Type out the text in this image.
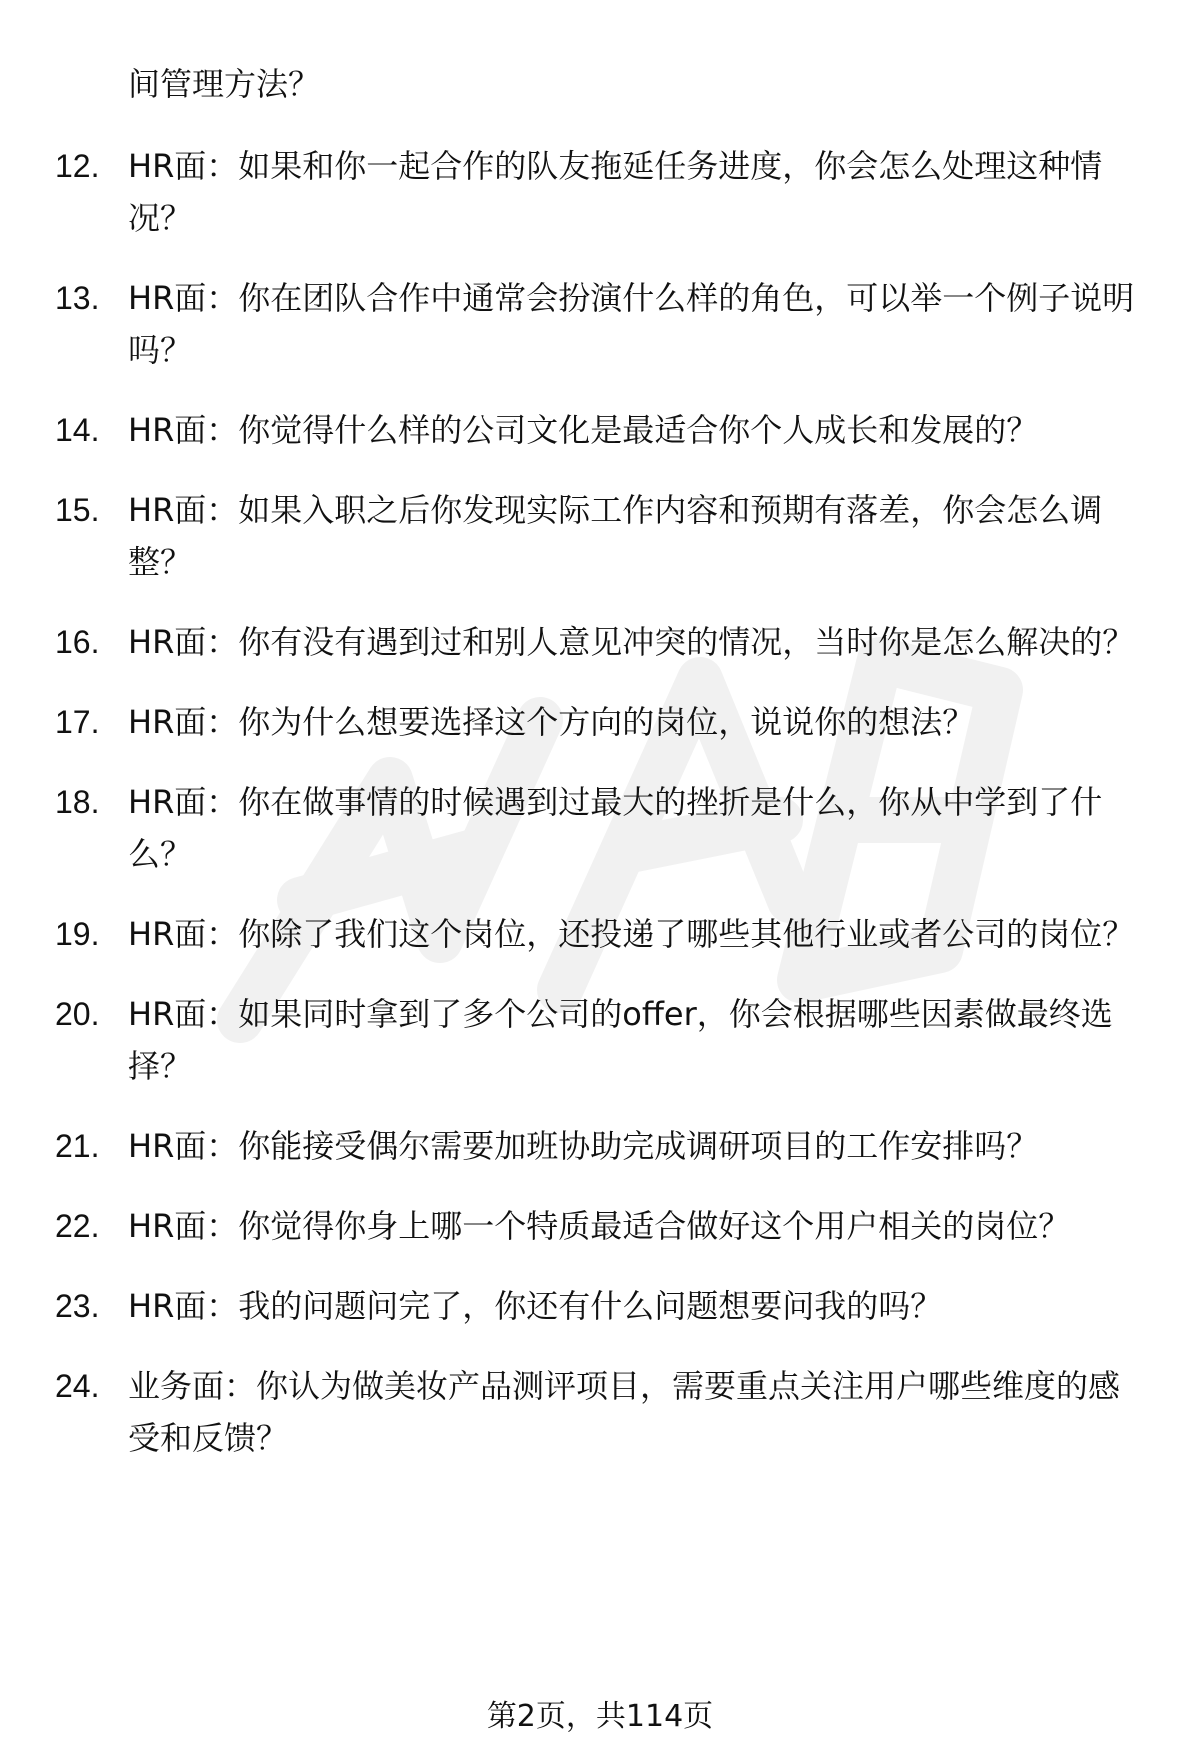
间管理方法？

12. HR面：如果和你一起合作的队友拖延任务进度，你会怎么处理这种情况？
13. HR面：你在团队合作中通常会扮演什么样的角色，可以举一个例子说明吗？
14. HR面：你觉得什么样的公司文化是最适合你个人成长和发展的？
15. HR面：如果入职之后你发现实际工作内容和预期有落差，你会怎么调整？
16. HR面：你有没有遇到过和别人意见冲突的情况，当时你是怎么解决的？
17. HR面：你为什么想要选择这个方向的岗位，说说你的想法？
18. HR面：你在做事情的时候遇到过最大的挫折是什么，你从中学到了什么？
19. HR面：你除了我们这个岗位，还投递了哪些其他行业或者公司的岗位？
20. HR面：如果同时拿到了多个公司的offer，你会根据哪些因素做最终选择？
21. HR面：你能接受偶尔需要加班协助完成调研项目的工作安排吗？
22. HR面：你觉得你身上哪一个特质最适合做好这个用户相关的岗位？
23. HR面：我的问题问完了，你还有什么问题想要问我的吗？
24. 业务面：你认为做美妆产品测评项目，需要重点关注用户哪些维度的感受和反馈？

第2页，共114页
